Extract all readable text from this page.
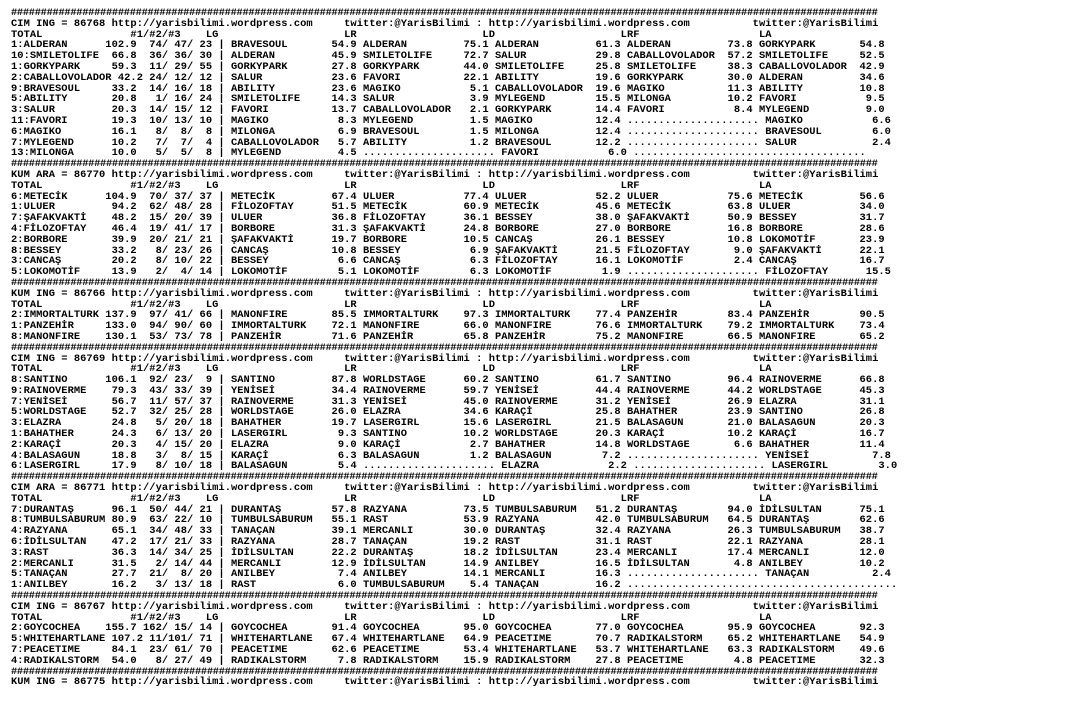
##################################################################################################################################################
CIM ING = 86768 http://yarisbilimi.wordpress.com     twitter:@YarisBilimi : http://yarisbilimi.wordpress.com          twitter:@YarisBilimi
TOTAL              #1/#2/#3    LG                    LR                    LD                    LRF                   LA
1:ALDERAN      102.9  74/ 47/ 23 | BRAVESOUL       54.9 ALDERAN         75.1 ALDERAN         61.3 ALDERAN         73.8 GORKYPARK       54.8
10:SMILETOLIFE  66.8  36/ 36/ 30 | ALDERAN         45.9 SMILETOLIFE     72.7 SALUR           29.8 CABALLOVOLADOR  57.2 SMILETOLIFE     52.5
1:GORKYPARK     59.3  11/ 29/ 55 | GORKYPARK       27.8 GORKYPARK       44.0 SMILETOLIFE     25.8 SMILETOLIFE     38.3 CABALLOVOLADOR  42.9
2:CABALLOVOLADOR 42.2 24/ 12/ 12 | SALUR           23.6 FAVORI          22.1 ABILITY         19.6 GORKYPARK       30.0 ALDERAN         34.6
9:BRAVESOUL     33.2  14/ 16/ 18 | ABILITY         23.6 MAGIKO           5.1 CABALLOVOLADOR  19.6 MAGIKO          11.3 ABILITY         10.8
5:ABILITY       20.8   1/ 16/ 24 | SMILETOLIFE     14.3 SALUR            3.9 MYLEGEND        15.5 MILONGA         10.2 FAVORI           9.5
3:SALUR         20.3  14/ 15/ 12 | FAVORI          13.7 CABALLOVOLADOR   2.1 GORKYPARK       14.4 FAVORI           8.4 MYLEGEND         9.0
11:FAVORI       19.3  10/ 13/ 10 | MAGIKO           8.3 MYLEGEND         1.5 MAGIKO          12.4 ..................... MAGIKO           6.6
6:MAGIKO        16.1   8/  8/  8 | MILONGA          6.9 BRAVESOUL        1.5 MILONGA         12.4 ..................... BRAVESOUL        6.0
7:MYLEGEND      10.2   7/  7/  4 | CABALLOVOLADOR   5.7 ABILITY          1.2 BRAVESOUL       12.2 ..................... SALUR            2.4
13:MILONGA      10.0   5/  5/  8 | MYLEGEND         4.5 ..................... FAVORI           6.0 .....................................
##################################################################################################################################################
KUM ARA = 86770 http://yarisbilimi.wordpress.com     twitter:@YarisBilimi : http://yarisbilimi.wordpress.com          twitter:@YarisBilimi
TOTAL              #1/#2/#3    LG                    LR                    LD                    LRF                   LA
6:METECİK      104.9  70/ 37/ 37 | METECİK         67.4 ULUER           77.4 ULUER           52.2 ULUER           75.6 METECİK         56.6
1:ULUER         94.2  62/ 48/ 28 | FİLOZOFTAY      51.5 METECİK         60.9 METECİK         45.6 METECİK         63.8 ULUER           34.0
7:ŞAFAKVAKTİ    48.2  15/ 20/ 39 | ULUER           36.8 FİLOZOFTAY      36.1 BESSEY          38.0 ŞAFAKVAKTİ      50.9 BESSEY          31.7
4:FİLOZOFTAY    46.4  19/ 41/ 17 | BORBORE         31.3 ŞAFAKVAKTİ      24.8 BORBORE         27.0 BORBORE         16.8 BORBORE         28.6
2:BORBORE       39.9  20/ 21/ 21 | ŞAFAKVAKTİ      19.7 BORBORE         10.5 CANCAŞ          26.1 BESSEY          10.8 LOKOMOTİF       23.9
8:BESSEY        33.2   8/ 23/ 26 | CANCAŞ          10.8 BESSEY           6.9 ŞAFAKVAKTİ      21.5 FİLOZOFTAY       9.0 ŞAFAKVAKTİ      22.1
3:CANCAŞ        20.2   8/ 10/ 22 | BESSEY           6.6 CANCAŞ           6.3 FİLOZOFTAY      16.1 LOKOMOTİF        2.4 CANCAŞ          16.7
5:LOKOMOTİF     13.9   2/  4/ 14 | LOKOMOTİF        5.1 LOKOMOTİF        6.3 LOKOMOTİF        1.9 ..................... FİLOZOFTAY      15.5
##################################################################################################################################################
KUM ING = 86766 http://yarisbilimi.wordpress.com     twitter:@YarisBilimi : http://yarisbilimi.wordpress.com          twitter:@YarisBilimi
TOTAL              #1/#2/#3    LG                    LR                    LD                    LRF                   LA
2:IMMORTALTURK 137.9  97/ 41/ 66 | MANONFIRE       85.5 IMMORTALTURK    97.3 IMMORTALTURK    77.4 PANZEHİR        83.4 PANZEHİR        90.5
1:PANZEHİR     133.0  94/ 90/ 60 | IMMORTALTURK    72.1 MANONFIRE       66.0 MANONFIRE       76.6 IMMORTALTURK    79.2 IMMORTALTURK    73.4
8:MANONFIRE    130.1  53/ 73/ 78 | PANZEHİR        71.6 PANZEHİR        65.8 PANZEHİR        75.2 MANONFIRE       66.5 MANONFIRE       65.2
##################################################################################################################################################
CIM ING = 86769 http://yarisbilimi.wordpress.com     twitter:@YarisBilimi : http://yarisbilimi.wordpress.com          twitter:@YarisBilimi
TOTAL              #1/#2/#3    LG                    LR                    LD                    LRF                   LA
8:SANTINO      106.1  92/ 23/  9 | SANTINO         87.8 WORLDSTAGE      60.2 SANTINO         61.7 SANTINO         96.4 RAINOVERME      66.8
9:RAINOVERME    79.3  43/ 33/ 39 | YENİSEİ         34.4 RAINOVERME      59.7 YENİSEİ         44.4 RAINOVERME      44.2 WORLDSTAGE      45.3
7:YENİSEİ       56.7  11/ 57/ 37 | RAINOVERME      31.3 YENİSEİ         45.0 RAINOVERME      31.2 YENİSEİ         26.9 ELAZRA          31.1
5:WORLDSTAGE    52.7  32/ 25/ 28 | WORLDSTAGE      26.0 ELAZRA          34.6 KARAÇİ          25.8 BAHATHER        23.9 SANTINO         26.8
3:ELAZRA        24.8   5/ 20/ 18 | BAHATHER        19.7 LASERGIRL       15.6 LASERGIRL       21.5 BALASAGUN       21.0 BALASAGUN       20.3
1:BAHATHER      24.3   6/ 13/ 20 | LASERGIRL        9.3 SANTINO         10.2 WORLDSTAGE      20.3 KARAÇİ          10.2 KARAÇİ          16.7
2:KARAÇİ        20.3   4/ 15/ 20 | ELAZRA           9.0 KARAÇİ           2.7 BAHATHER        14.8 WORLDSTAGE       6.6 BAHATHER        11.4
4:BALASAGUN     18.8   3/  8/ 15 | KARAÇİ           6.3 BALASAGUN        1.2 BALASAGUN        7.2 ..................... YENİSEİ          7.8
6:LASERGIRL     17.9   8/ 10/ 18 | BALASAGUN        5.4 ..................... ELAZRA           2.2 ..................... LASERGIRL        3.0
##################################################################################################################################################
CIM ARA = 86771 http://yarisbilimi.wordpress.com     twitter:@YarisBilimi : http://yarisbilimi.wordpress.com          twitter:@YarisBilimi
TOTAL              #1/#2/#3    LG                    LR                    LD                    LRF                   LA
7:DURANTAŞ      96.1  50/ 44/ 21 | DURANTAŞ        57.8 RAZYANA         73.5 TUMBULSABURUM   51.2 DURANTAŞ        94.0 İDİLSULTAN      75.1
8:TUMBULSABURUM 80.9  63/ 22/ 10 | TUMBULSABURUM   55.1 RAST            53.9 RAZYANA         42.0 TUMBULSABURUM   64.5 DURANTAŞ        62.6
4:RAZYANA       65.1  34/ 48/ 33 | TANAÇAN         39.1 MERCANLI        30.0 DURANTAŞ        32.4 RAZYANA         26.3 TUMBULSABURUM   38.7
6:İDİLSULTAN    47.2  17/ 21/ 33 | RAZYANA         28.7 TANAÇAN         19.2 RAST            31.1 RAST            22.1 RAZYANA         28.1
3:RAST          36.3  14/ 34/ 25 | İDİLSULTAN      22.2 DURANTAŞ        18.2 İDİLSULTAN      23.4 MERCANLI        17.4 MERCANLI        12.0
2:MERCANLI      31.5   2/ 14/ 44 | MERCANLI        12.9 İDİLSULTAN      14.9 ANILBEY         16.5 İDİLSULTAN       4.8 ANILBEY         10.2
5:TANAÇAN       27.7  21/  8/ 20 | ANILBEY          7.4 ANILBEY         14.1 MERCANLI        16.3 ..................... TANAÇAN          2.4
1:ANILBEY       16.2   3/ 13/ 18 | RAST             6.0 TUMBULSABURUM    5.4 TANAÇAN         16.2 ...........................................
##################################################################################################################################################
CIM ING = 86767 http://yarisbilimi.wordpress.com     twitter:@YarisBilimi : http://yarisbilimi.wordpress.com          twitter:@YarisBilimi
TOTAL              #1/#2/#3    LG                    LR                    LD                    LRF                   LA
2:GOYCOCHEA    155.7 162/ 15/ 14 | GOYCOCHEA       91.4 GOYCOCHEA       95.0 GOYCOCHEA       77.0 GOYCOCHEA       95.9 GOYCOCHEA       92.3
5:WHITEHARTLANE 107.2 11/101/ 71 | WHITEHARTLANE   67.4 WHITEHARTLANE   64.9 PEACETIME       70.7 RADIKALSTORM    65.2 WHITEHARTLANE   54.9
7:PEACETIME     84.1  23/ 61/ 70 | PEACETIME       62.6 PEACETIME       53.4 WHITEHARTLANE   53.7 WHITEHARTLANE   63.3 RADIKALSTORM    49.6
4:RADIKALSTORM  54.0   8/ 27/ 49 | RADIKALSTORM     7.8 RADIKALSTORM    15.9 RADIKALSTORM    27.8 PEACETIME        4.8 PEACETIME       32.3
##################################################################################################################################################
KUM ING = 86775 http://yarisbilimi.wordpress.com     twitter:@YarisBilimi : http://yarisbilimi.wordpress.com          twitter:@YarisBilimi
